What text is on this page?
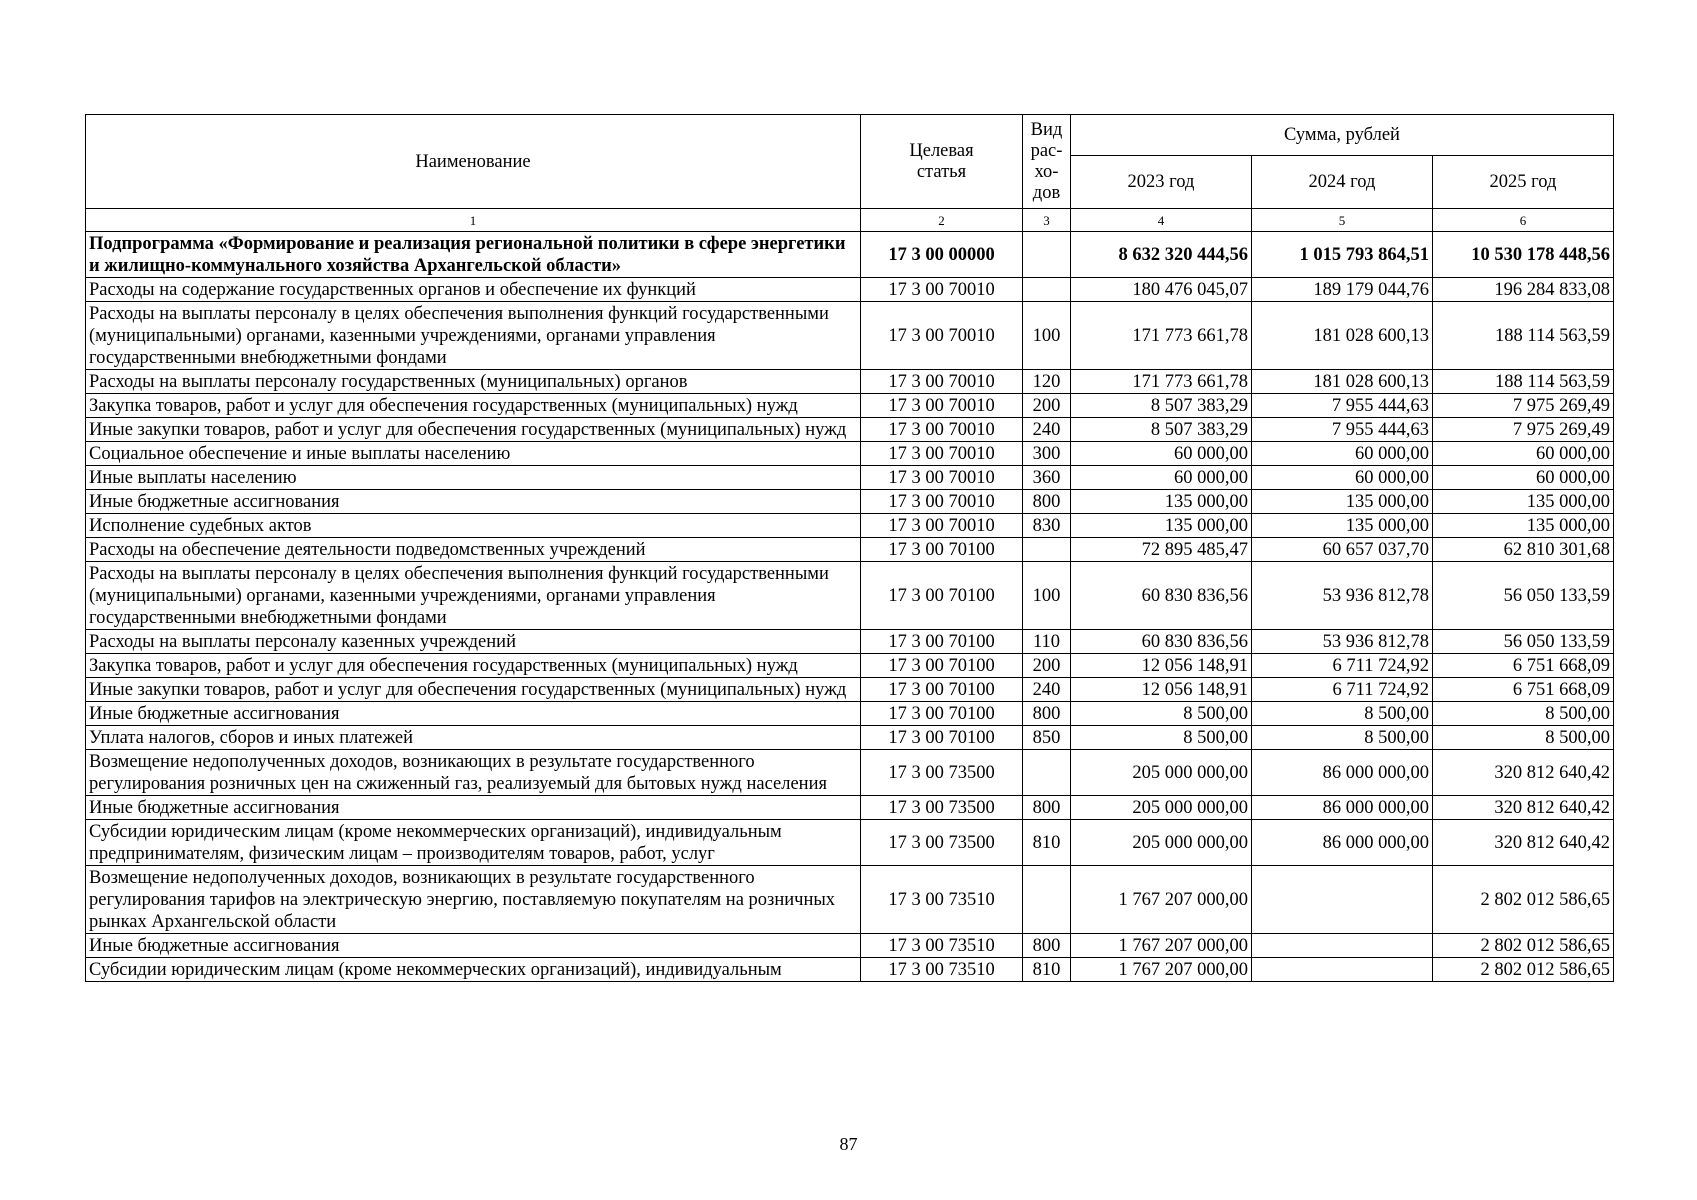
Наименование	Целевая статья	Вид рас-хо-дов	Сумма, рублей		
			2023 год	2024 год	2025 год
1	2	3	4	5	6
Подпрограмма «Формирование и реализация региональной политики в сфере энергетики и жилищно-коммунального хозяйства Архангельской области»	17 3 00 00000		8 632 320 444,56	1 015 793 864,51	10 530 178 448,56
Расходы на содержание государственных органов и обеспечение их функций	17 3 00 70010		180 476 045,07	189 179 044,76	196 284 833,08
Расходы на выплаты персоналу в целях обеспечения выполнения функций государственными (муниципальными) органами, казенными учреждениями, органами управления государственными внебюджетными фондами	17 3 00 70010	100	171 773 661,78	181 028 600,13	188 114 563,59
Расходы на выплаты персоналу государственных (муниципальных) органов	17 3 00 70010	120	171 773 661,78	181 028 600,13	188 114 563,59
Закупка товаров, работ и услуг для обеспечения государственных (муниципальных) нужд	17 3 00 70010	200	8 507 383,29	7 955 444,63	7 975 269,49
Иные закупки товаров, работ и услуг для обеспечения государственных (муниципальных) нужд	17 3 00 70010	240	8 507 383,29	7 955 444,63	7 975 269,49
Социальное обеспечение и иные выплаты населению	17 3 00 70010	300	60 000,00	60 000,00	60 000,00
Иные выплаты населению	17 3 00 70010	360	60 000,00	60 000,00	60 000,00
Иные бюджетные ассигнования	17 3 00 70010	800	135 000,00	135 000,00	135 000,00
Исполнение судебных актов	17 3 00 70010	830	135 000,00	135 000,00	135 000,00
Расходы на обеспечение деятельности подведомственных учреждений	17 3 00 70100		72 895 485,47	60 657 037,70	62 810 301,68
Расходы на выплаты персоналу в целях обеспечения выполнения функций государственными (муниципальными) органами, казенными учреждениями, органами управления государственными внебюджетными фондами	17 3 00 70100	100	60 830 836,56	53 936 812,78	56 050 133,59
Расходы на выплаты персоналу казенных учреждений	17 3 00 70100	110	60 830 836,56	53 936 812,78	56 050 133,59
Закупка товаров, работ и услуг для обеспечения государственных (муниципальных) нужд	17 3 00 70100	200	12 056 148,91	6 711 724,92	6 751 668,09
Иные закупки товаров, работ и услуг для обеспечения государственных (муниципальных) нужд	17 3 00 70100	240	12 056 148,91	6 711 724,92	6 751 668,09
Иные бюджетные ассигнования	17 3 00 70100	800	8 500,00	8 500,00	8 500,00
Уплата налогов, сборов и иных платежей	17 3 00 70100	850	8 500,00	8 500,00	8 500,00
Возмещение недополученных доходов, возникающих в результате государственного регулирования розничных цен на сжиженный газ, реализуемый для бытовых нужд населения	17 3 00 73500		205 000 000,00	86 000 000,00	320 812 640,42
Иные бюджетные ассигнования	17 3 00 73500	800	205 000 000,00	86 000 000,00	320 812 640,42
Субсидии юридическим лицам (кроме некоммерческих организаций), индивидуальным предпринимателям, физическим лицам – производителям товаров, работ, услуг	17 3 00 73500	810	205 000 000,00	86 000 000,00	320 812 640,42
Возмещение недополученных доходов, возникающих в результате государственного регулирования тарифов на электрическую энергию, поставляемую покупателям на розничных рынках Архангельской области	17 3 00 73510		1 767 207 000,00		2 802 012 586,65
Иные бюджетные ассигнования	17 3 00 73510	800	1 767 207 000,00		2 802 012 586,65
Субсидии юридическим лицам (кроме некоммерческих организаций), индивидуальным	17 3 00 73510	810	1 767 207 000,00		2 802 012 586,65
87
